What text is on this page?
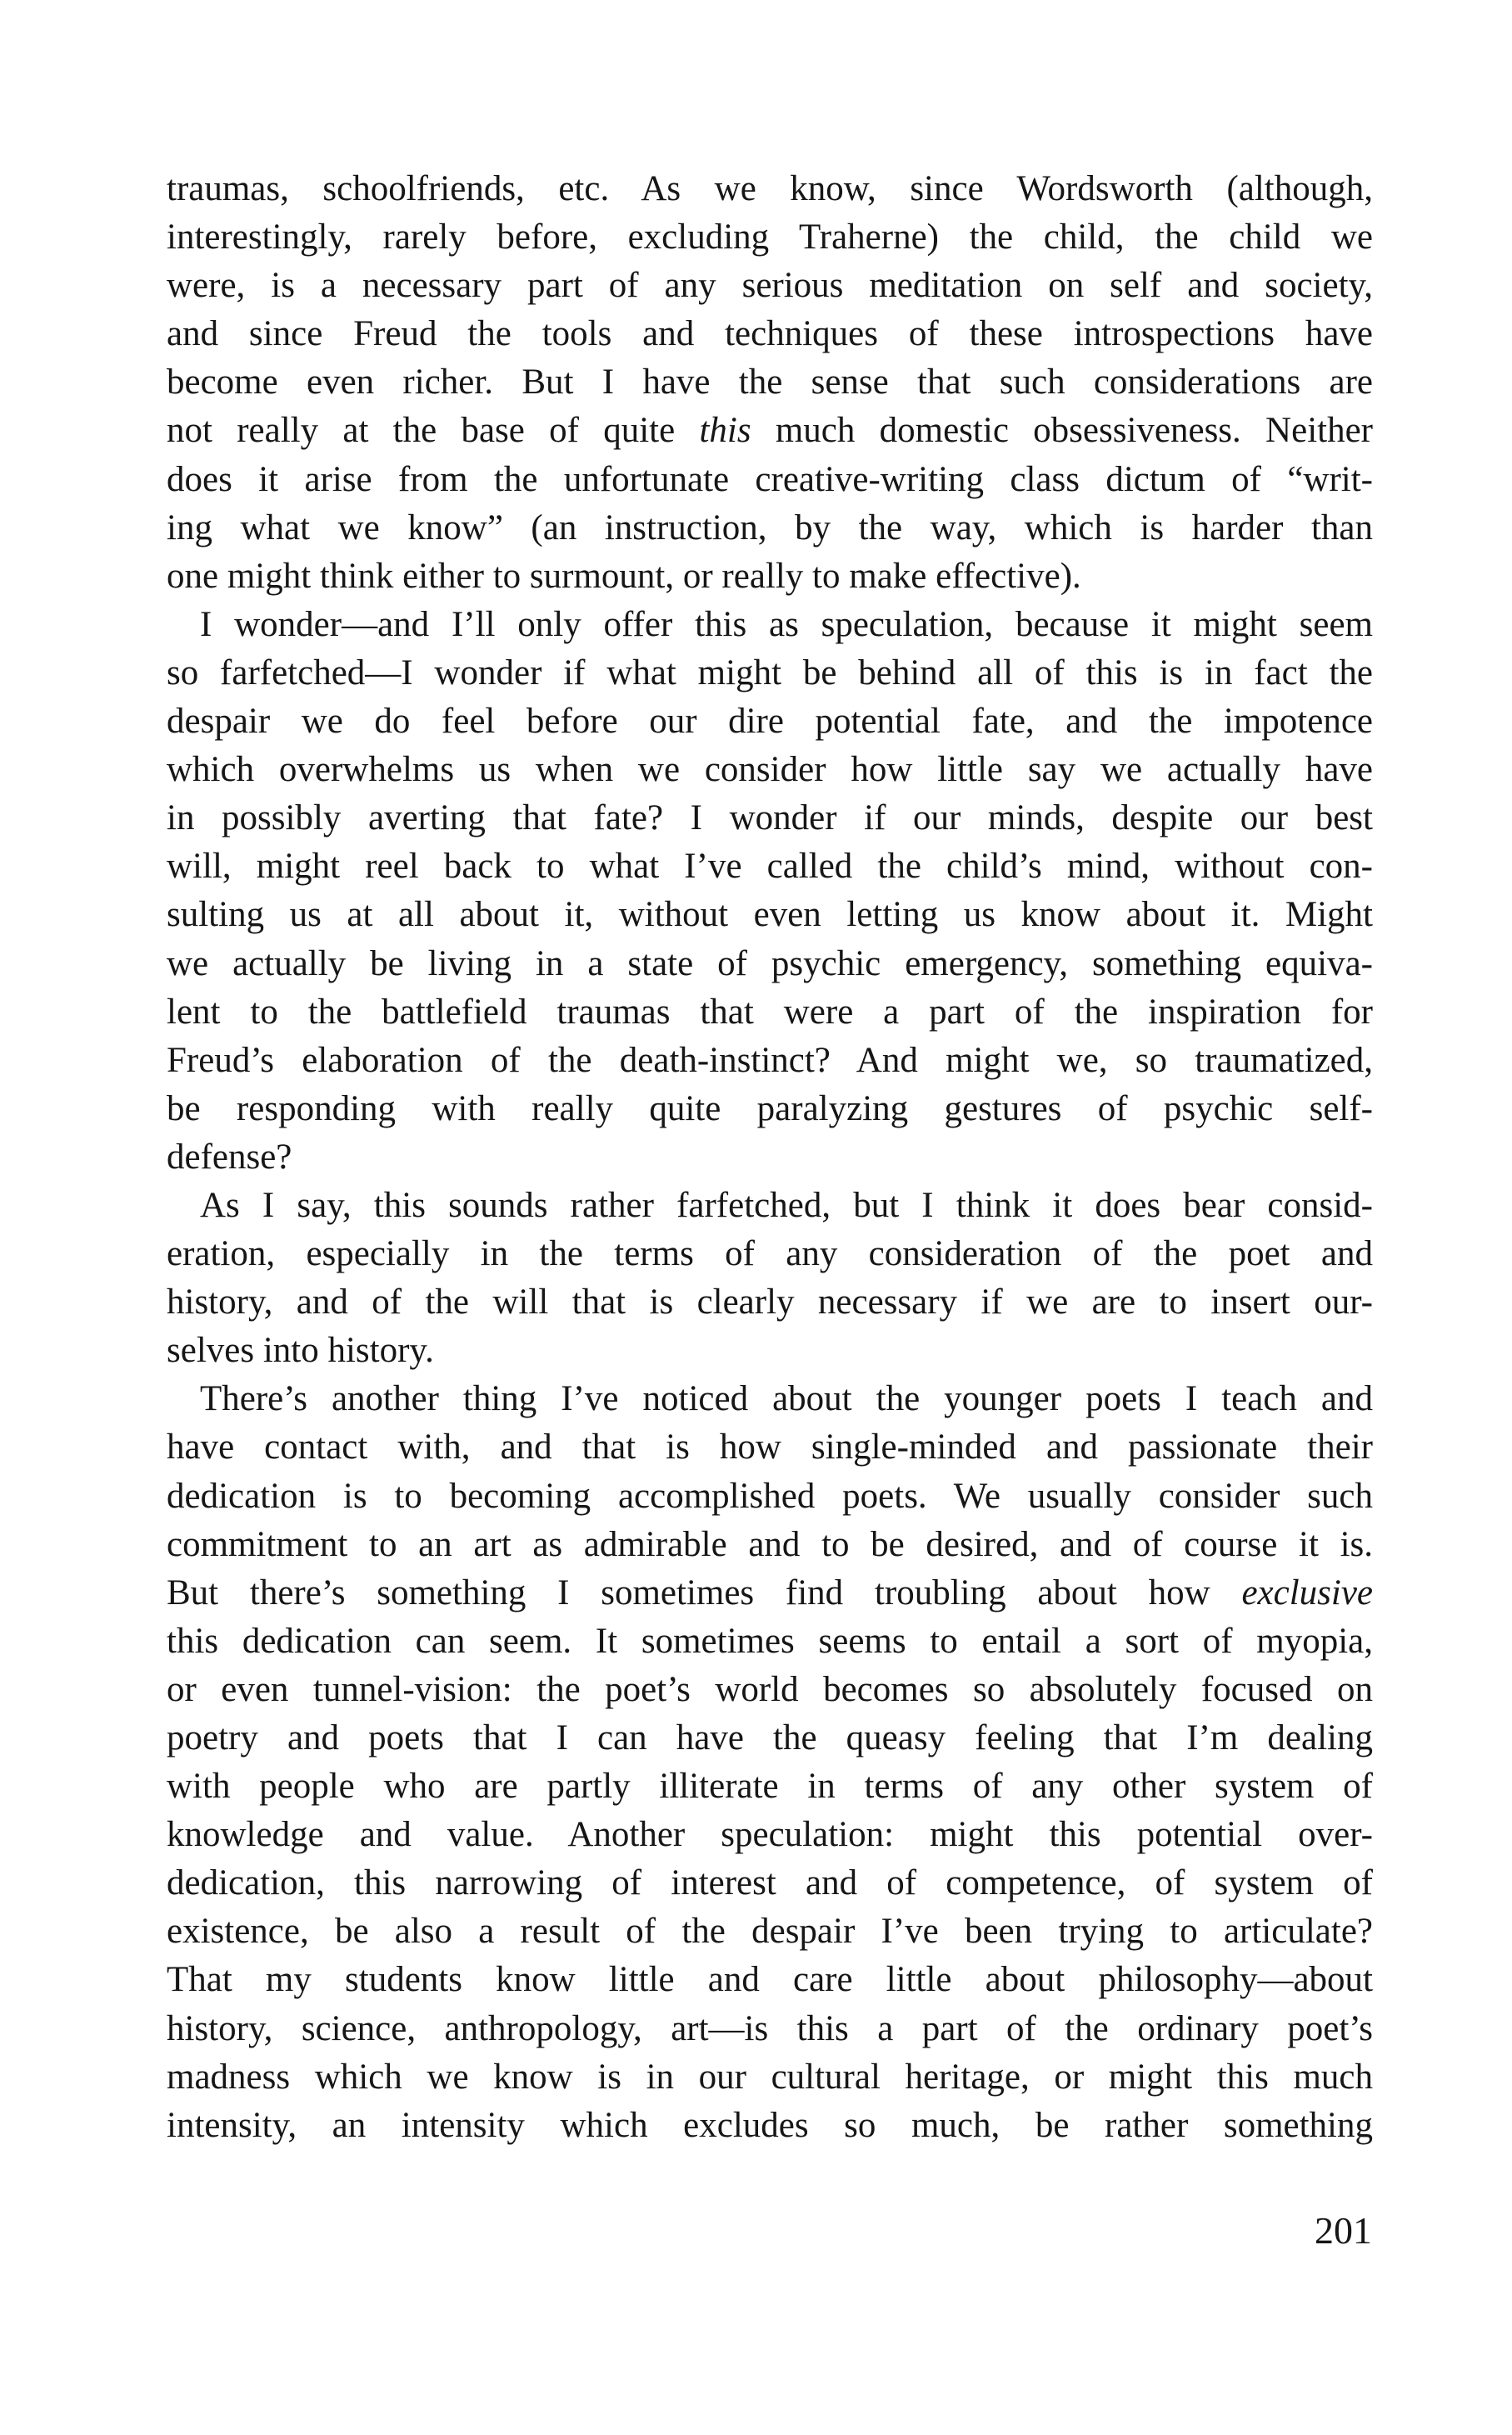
traumas, schoolfriends, etc. As we know, since Wordsworth (although,
interestingly, rarely before, excluding Traherne) the child, the child we
were, is a necessary part of any serious meditation on self and society,
and since Freud the tools and techniques of these introspections have
become even richer. But I have the sense that such considerations are
not really at the base of quite this much domestic obsessiveness. Neither
does it arise from the unfortunate creative-writing class dictum of “writ-
ing what we know” (an instruction, by the way, which is harder than
one might think either to surmount, or really to make effective).
I wonder—and I’ll only offer this as speculation, because it might seem
so farfetched—I wonder if what might be behind all of this is in fact the
despair we do feel before our dire potential fate, and the impotence
which overwhelms us when we consider how little say we actually have
in possibly averting that fate? I wonder if our minds, despite our best
will, might reel back to what I’ve called the child’s mind, without con-
sulting us at all about it, without even letting us know about it. Might
we actually be living in a state of psychic emergency, something equiva-
lent to the battlefield traumas that were a part of the inspiration for
Freud’s elaboration of the death-instinct? And might we, so traumatized,
be responding with really quite paralyzing gestures of psychic self-
defense?
As I say, this sounds rather farfetched, but I think it does bear consid-
eration, especially in the terms of any consideration of the poet and
history, and of the will that is clearly necessary if we are to insert our-
selves into history.
There’s another thing I’ve noticed about the younger poets I teach and
have contact with, and that is how single-minded and passionate their
dedication is to becoming accomplished poets. We usually consider such
commitment to an art as admirable and to be desired, and of course it is.
But there’s something I sometimes find troubling about how exclusive
this dedication can seem. It sometimes seems to entail a sort of myopia,
or even tunnel-vision: the poet’s world becomes so absolutely focused on
poetry and poets that I can have the queasy feeling that I’m dealing
with people who are partly illiterate in terms of any other system of
knowledge and value. Another speculation: might this potential over-
dedication, this narrowing of interest and of competence, of system of
existence, be also a result of the despair I’ve been trying to articulate?
That my students know little and care little about philosophy—about
history, science, anthropology, art—is this a part of the ordinary poet’s
madness which we know is in our cultural heritage, or might this much
intensity, an intensity which excludes so much, be rather something
201
